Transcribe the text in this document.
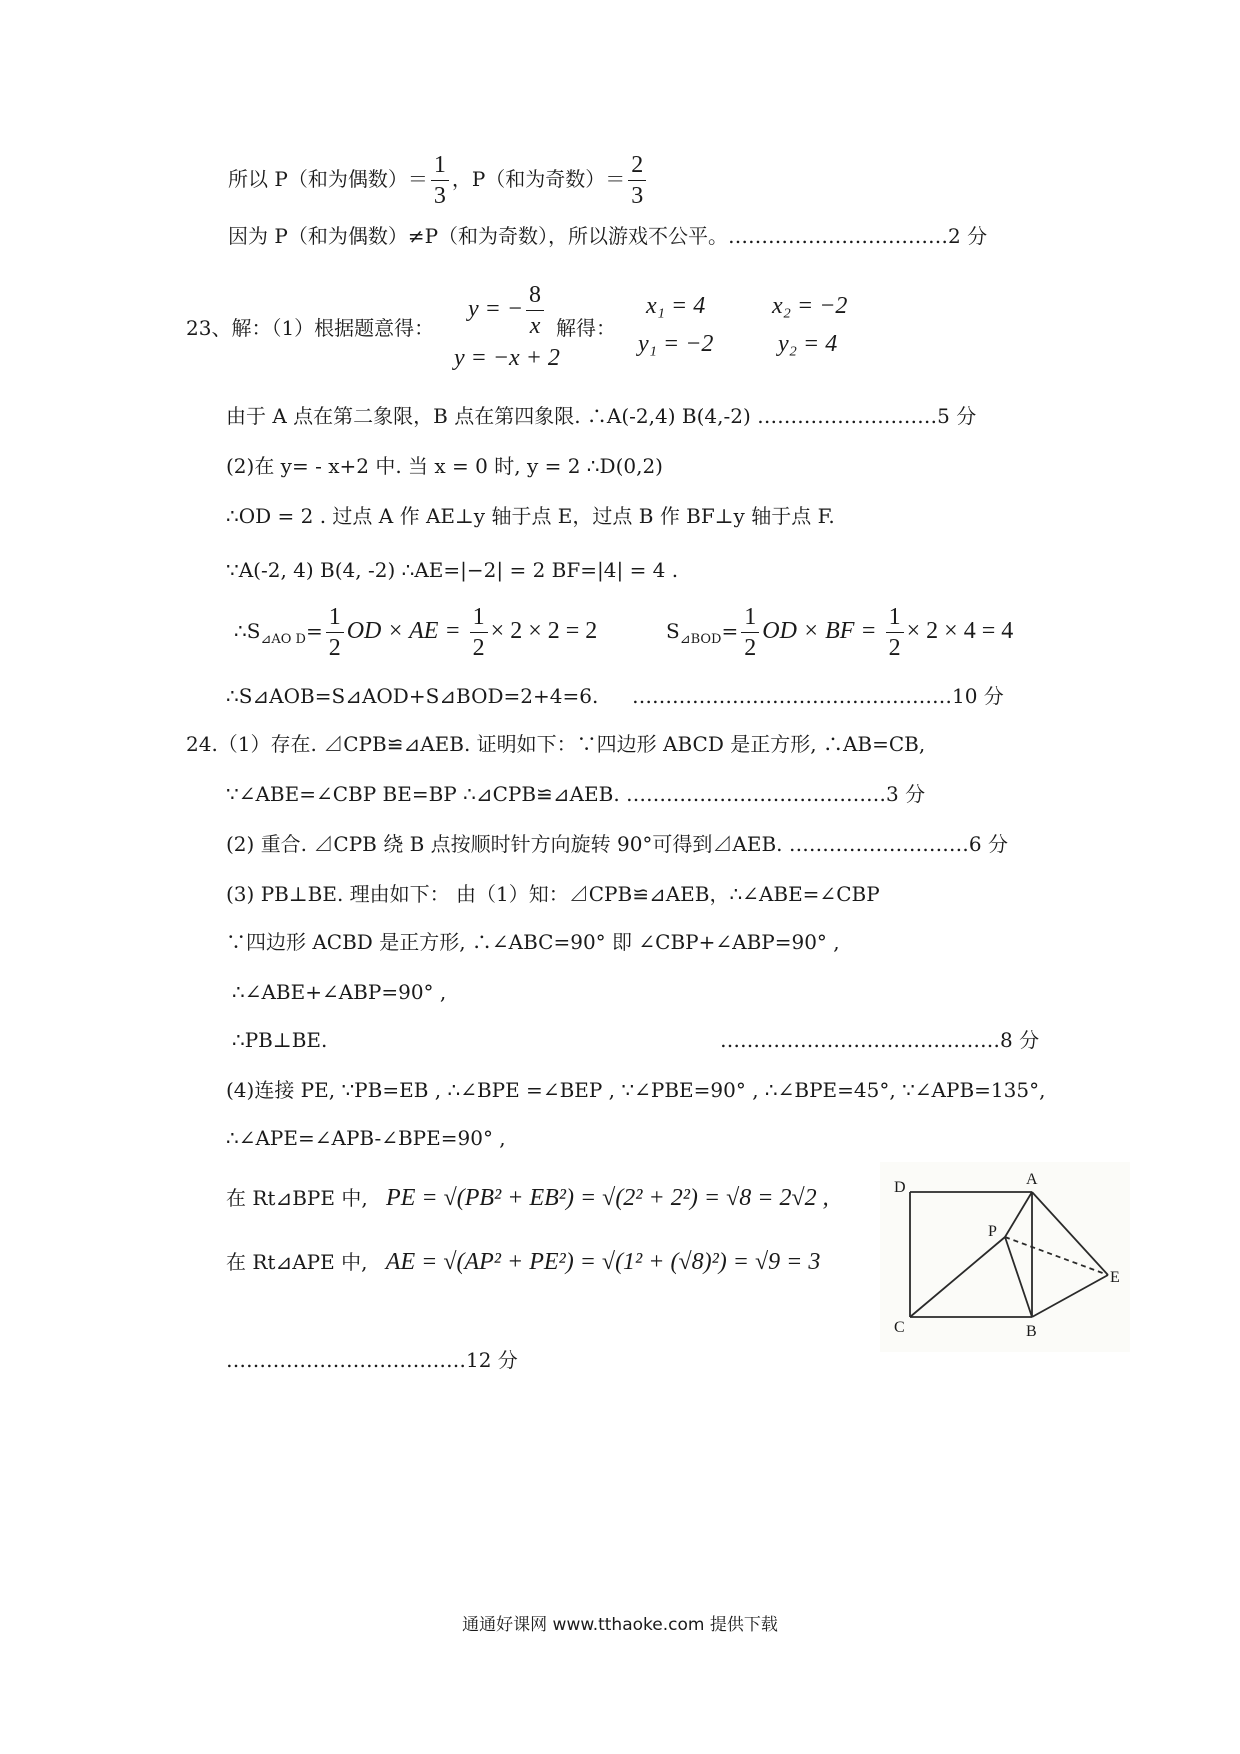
所以 P（和为偶数）＝ $\frac{1}{3}$ ，P（和为奇数）＝ $\frac{2}{3}$
因为 P（和为偶数）≠P（和为奇数），所以游戏不公平。……………………………2 分
23、解：（1）根据题意得：
y = − $\frac{8}{x}$
y = −x + 2
解得：
x₁ = 4
y₁ = −2
x₂ = −2
y₂ = 4
由于 A 点在第二象限，B 点在第四象限. ∴A(-2,4) B(4,-2) ………………………5 分
(2)在 y= - x+2 中. 当 x = 0 时, y = 2 ∴D(0,2)
∴OD = 2 . 过点 A 作 AE⊥y 轴于点 E，过点 B 作 BF⊥y 轴于点 F.
∵A(-2, 4) B(4, -2) ∴AE=|−2| = 2 BF=|4| = 4 .
$\therefore S_{⊿AO D}= \frac{1}{2}$ OD × AE = $\frac{1}{2} \times 2 \times 2 = 2$	$S_{⊿BOD}= \frac{1}{2}$ OD × BF = $\frac{1}{2} \times 2 \times 4 = 4$
∴S⊿AOB=S⊿AOD+S⊿BOD=2+4=6. …………………………………………10 分
24.（1）存在. ⊿CPB≌⊿AEB. 证明如下：∵四边形 ABCD 是正方形, ∴AB=CB,
∵∠ABE=∠CBP BE=BP ∴⊿CPB≌⊿AEB. …………………………………3 分
(2) 重合. ⊿CPB 绕 B 点按顺时针方向旋转 90°可得到⊿AEB. ………………………6 分
(3) PB⊥BE. 理由如下： 由（1）知：⊿CPB≌⊿AEB，∴∠ABE=∠CBP
∵四边形 ACBD 是正方形, ∴∠ABC=90° 即 ∠CBP+∠ABP=90° ,
∴∠ABE+∠ABP=90° ,
∴PB⊥BE.	……………………………………8 分
(4)连接 PE, ∵PB=EB , ∴∠BPE =∠BEP , ∵∠PBE=90° , ∴∠BPE=45°, ∵∠APB=135°,
∴∠APE=∠APB-∠BPE=90° ,
在 Rt⊿BPE 中, PE = √(PB² + EB²) = √(2² + 2²) = √8 = 2√2 ,
在 Rt⊿APE 中, AE = √(AP² + PE²) = √(1² + (√8)²) = √9 = 3
………………………………12 分
D	A
P
E
C	B
通通好课网 www.tthaoke.com 提供下载
